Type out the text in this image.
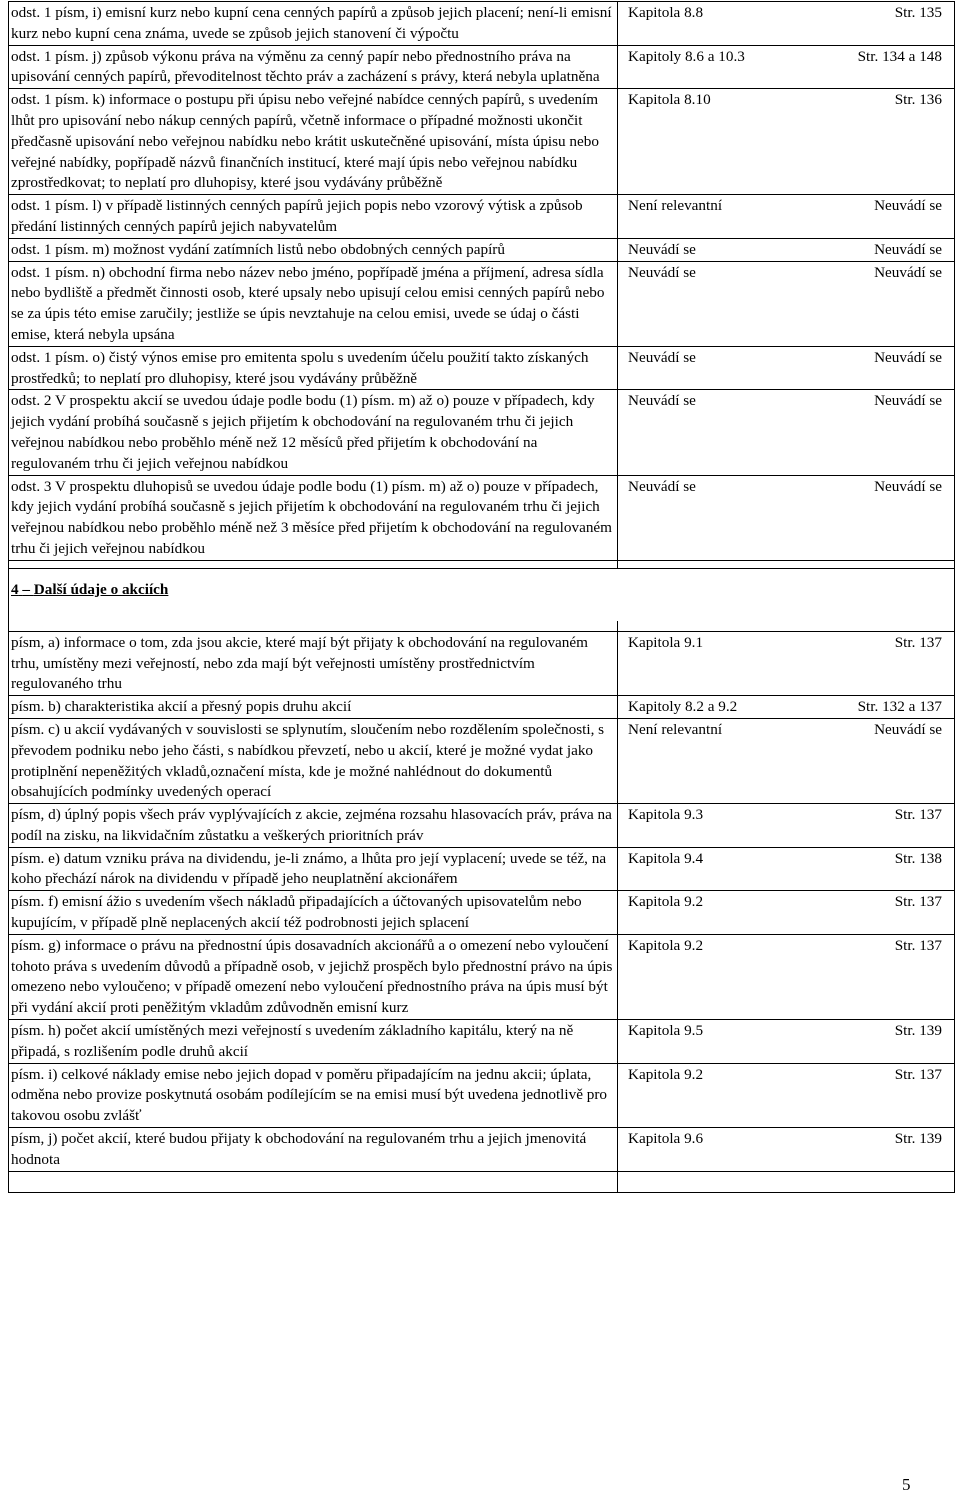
odst. 1 písm, i) emisní kurz nebo kupní cena cenných papírů a způsob jejich placení; není-li emisní kurz nebo kupní cena známa, uvede se způsob jejich stanovení či výpočtu	Kapitola 8.8 Str. 135

odst. 1 písm. j) způsob výkonu práva na výměnu za cenný papír nebo přednostního práva na upisování cenných papírů, převoditelnost těchto práv a zacházení s právy, která nebyla uplatněna	Kapitoly 8.6 a 10.3 Str. 134 a 148

odst. 1 písm. k) informace o postupu při úpisu nebo veřejné nabídce cenných papírů, s uvedením lhůt pro upisování nebo nákup cenných papírů, včetně informace o případné možnosti ukončit předčasně upisování nebo veřejnou nabídku nebo krátit uskutečněné upisování, místa úpisu nebo veřejné nabídky, popřípadě názvů finančních institucí, které mají úpis nebo veřejnou nabídku zprostředkovat; to neplatí pro dluhopisy, které jsou vydávány průběžně	Kapitola 8.10 Str. 136

odst. 1 písm. l) v případě listinných cenných papírů jejich popis nebo vzorový výtisk a způsob předání listinných cenných papírů jejich nabyvatelům	Není relevantní Neuvádí se

odst. 1 písm. m) možnost vydání zatímních listů nebo obdobných cenných papírů	Neuvádí se Neuvádí se

odst. 1 písm. n) obchodní firma nebo název nebo jméno, popřípadě jména a příjmení, adresa sídla nebo bydliště a předmět činnosti osob, které upsaly nebo upisují celou emisi cenných papírů nebo se za úpis této emise zaručily; jestliže se úpis nevztahuje na celou emisi, uvede se údaj o části emise, která nebyla upsána	Neuvádí se Neuvádí se

odst. 1 písm. o) čistý výnos emise pro emitenta spolu s uvedením účelu použití takto získaných prostředků; to neplatí pro dluhopisy, které jsou vydávány průběžně	Neuvádí se Neuvádí se

odst. 2 V prospektu akcií se uvedou údaje podle bodu (1) písm. m) až o) pouze v případech, kdy jejich vydání probíhá současně s jejich přijetím k obchodování na regulovaném trhu či jejich veřejnou nabídkou nebo proběhlo méně než 12 měsíců před přijetím k obchodování na regulovaném trhu či jejich veřejnou nabídkou	Neuvádí se Neuvádí se

odst. 3 V prospektu dluhopisů se uvedou údaje podle bodu (1) písm. m) až o) pouze v případech, kdy jejich vydání probíhá současně s jejich přijetím k obchodování na regulovaném trhu či jejich veřejnou nabídkou nebo proběhlo méně než 3 měsíce před přijetím k obchodování na regulovaném trhu či jejich veřejnou nabídkou	Neuvádí se Neuvádí se

4 – Další údaje o akciích	

písm, a) informace o tom, zda jsou akcie, které mají být přijaty k obchodování na regulovaném trhu, umístěny mezi veřejností, nebo zda mají být veřejnosti umístěny prostřednictvím regulovaného trhu	Kapitola 9.1 Str. 137

písm. b) charakteristika akcií a přesný popis druhu akcií	Kapitoly 8.2 a 9.2 Str. 132 a 137

písm. c) u akcií vydávaných v souvislosti se splynutím, sloučením nebo rozdělením společnosti, s převodem podniku nebo jeho části, s nabídkou převzetí, nebo u akcií, které je možné vydat jako protiplnění nepeněžitých vkladů,označení místa, kde je možné nahlédnout do dokumentů obsahujících podmínky uvedených operací	Není relevantní Neuvádí se

písm, d) úplný popis všech práv vyplývajících z akcie, zejména rozsahu hlasovacích práv, práva na podíl na zisku, na likvidačním zůstatku a veškerých prioritních práv	Kapitola 9.3 Str. 137

písm. e) datum vzniku práva na dividendu, je-li známo, a lhůta pro její vyplacení; uvede se též, na koho přechází nárok na dividendu v případě jeho neuplatnění akcionářem	Kapitola 9.4 Str. 138

písm. f) emisní ážio s uvedením všech nákladů připadajících a účtovaných upisovatelům nebo kupujícím, v případě plně neplacených akcií též podrobnosti jejich splacení	Kapitola 9.2 Str. 137

písm. g) informace o právu na přednostní úpis dosavadních akcionářů a o omezení nebo vyloučení tohoto práva s uvedením důvodů a případně osob, v jejichž prospěch bylo přednostní právo na úpis omezeno nebo vyloučeno; v případě omezení nebo vyloučení přednostního práva na úpis musí být při vydání akcií proti peněžitým vkladům zdůvodněn emisní kurz	Kapitola 9.2 Str. 137

písm. h) počet akcií umístěných mezi veřejností s uvedením základního kapitálu, který na ně připadá, s rozlišením podle druhů akcií	Kapitola 9.5 Str. 139

písm. i) celkové náklady emise nebo jejich dopad v poměru připadajícím na jednu akcii; úplata, odměna nebo provize poskytnutá osobám podílejícím se na emisi musí být uvedena jednotlivě pro takovou osobu zvlášť	Kapitola 9.2 Str. 137

písm, j) počet akcií, které budou přijaty k obchodování na regulovaném trhu a jejich jmenovitá hodnota	Kapitola 9.6 Str. 139

5
